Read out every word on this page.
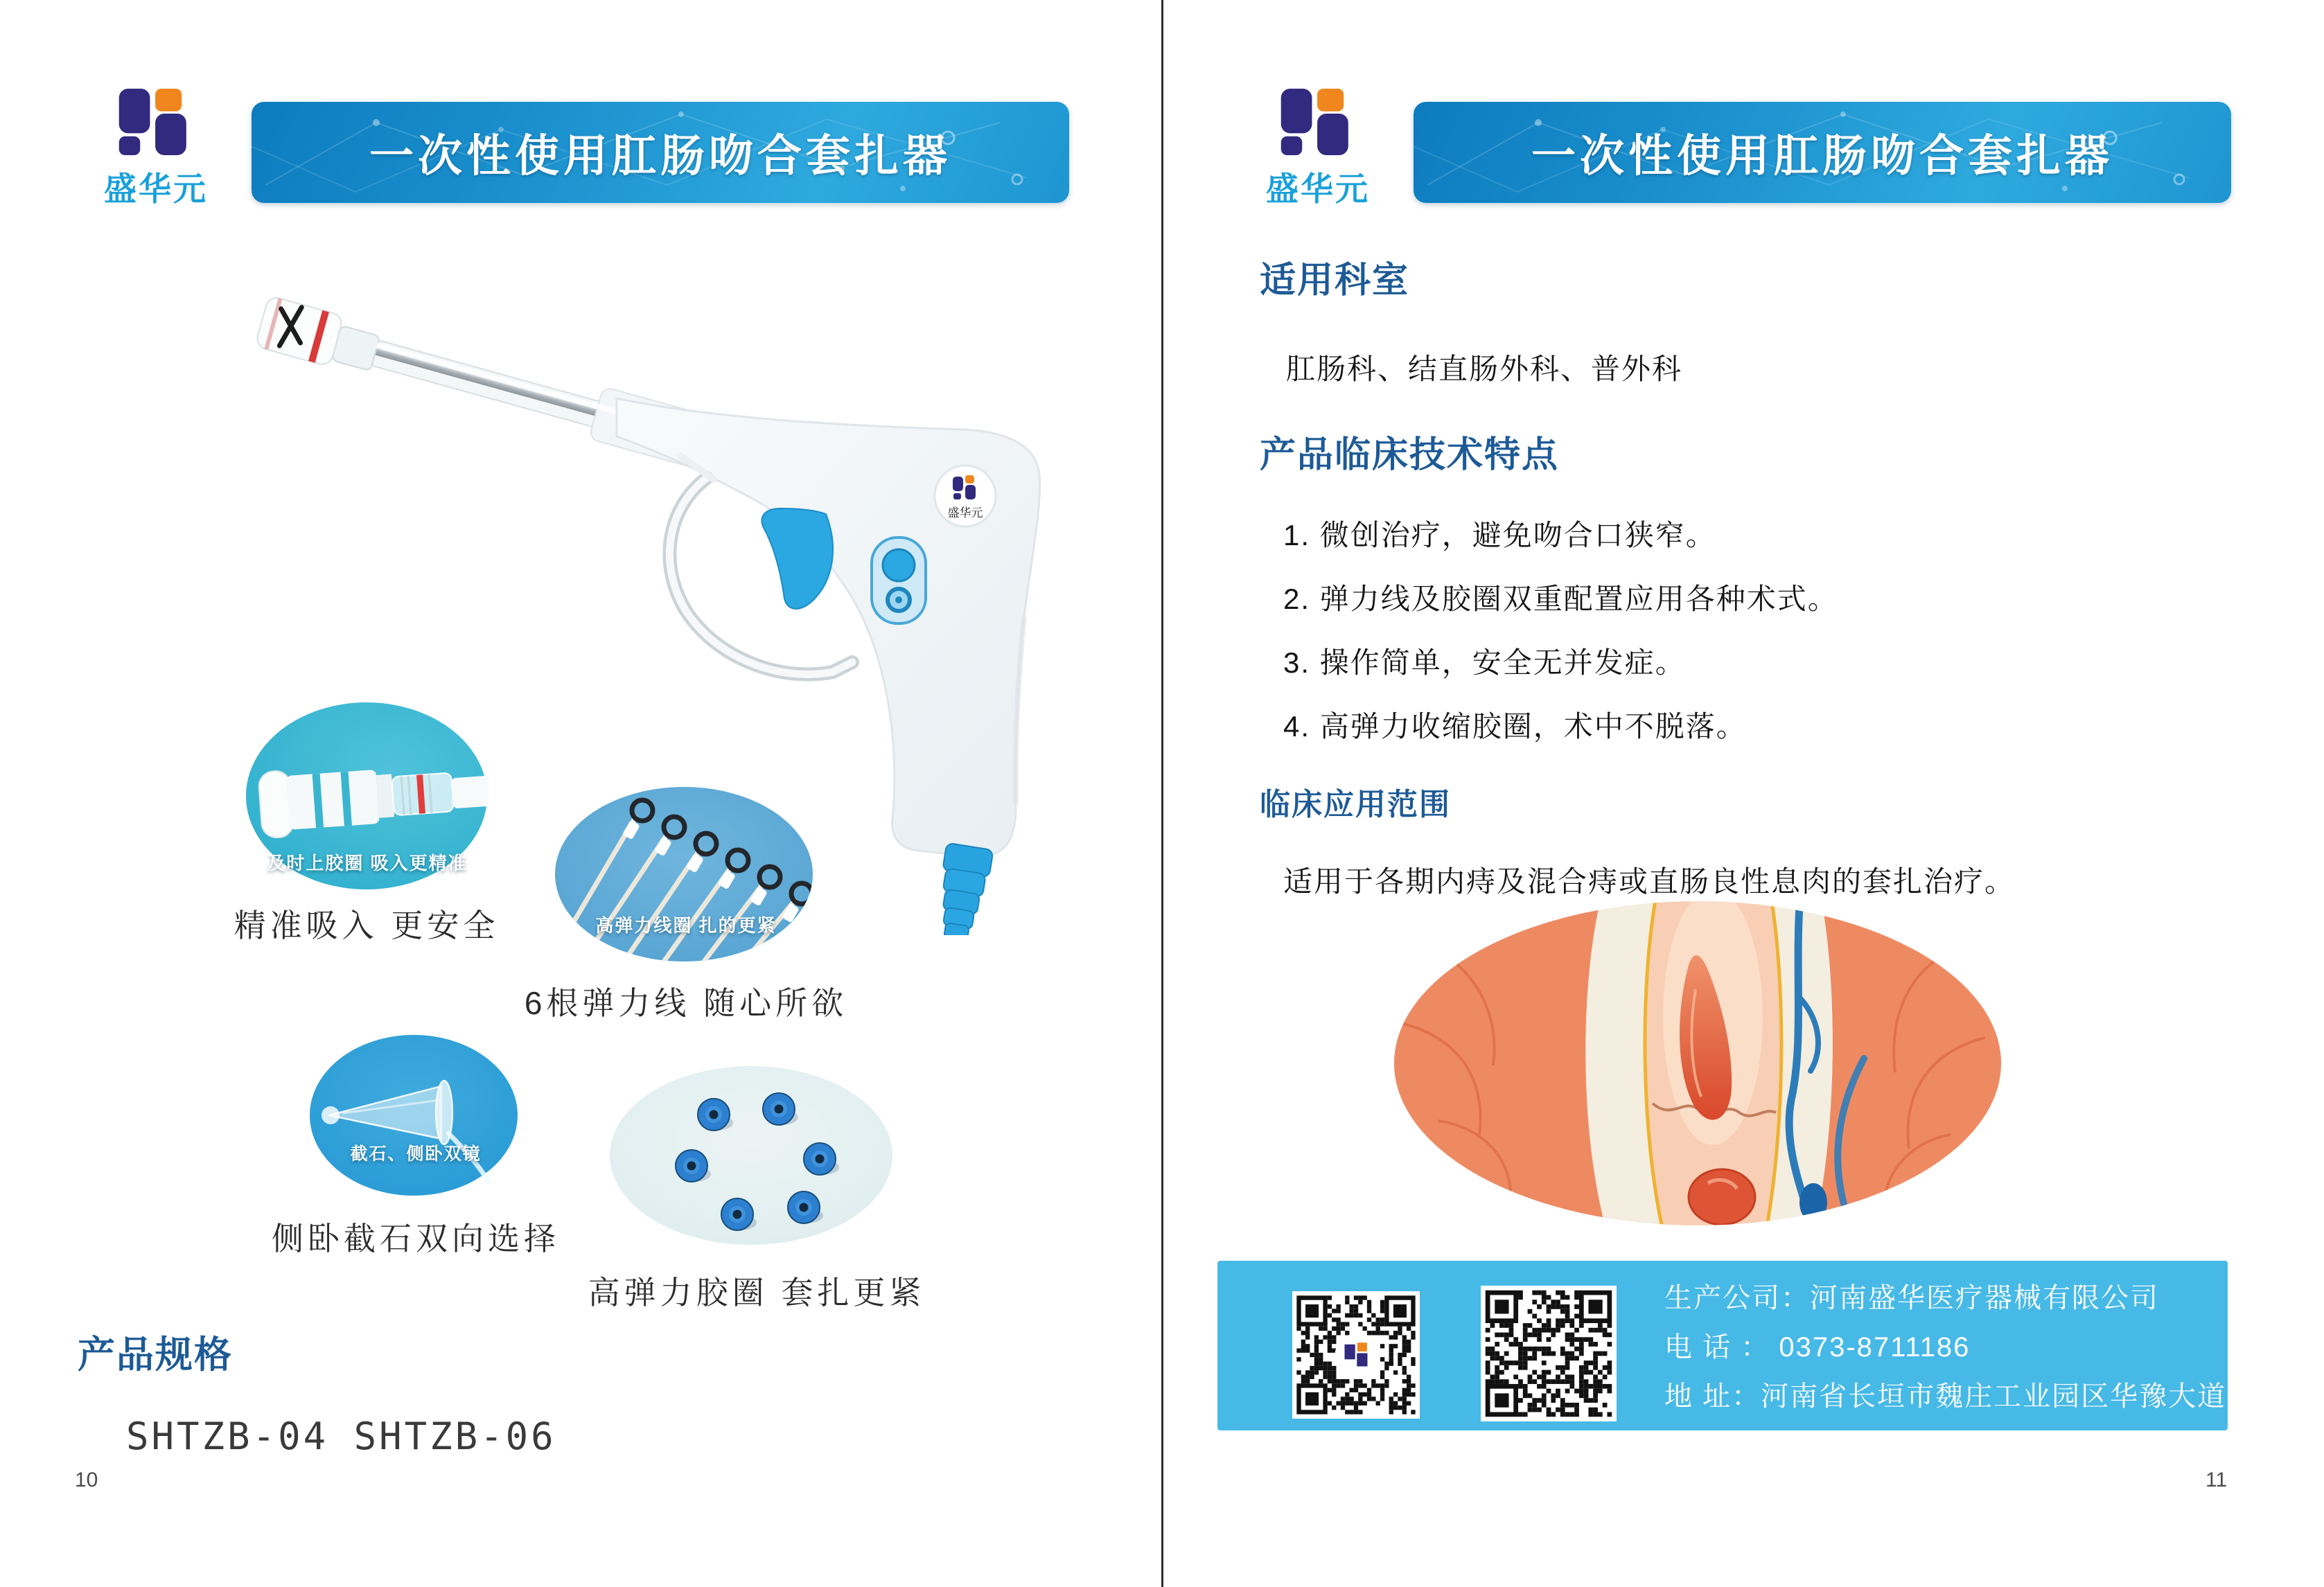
盛华元
一次性使用肛肠吻合套扎器
盛华元
及时上胶圈 吸入更精准
精准吸入 更安全	高弹力线圈 扎的更紧
6根弹力线 随心所欲
截石、侧卧双镜
侧卧截石双向选择
高弹力胶圈 套扎更紧
产品规格
SHTZB-04 SHTZB-06
10
盛华元
一次性使用肛肠吻合套扎器
适用科室
肛肠科、结直肠外科、普外科
产品临床技术特点
1. 微创治疗，避免吻合口狭窄。
2. 弹力线及胶圈双重配置应用各种术式。
3. 操作简单，安全无并发症。
4. 高弹力收缩胶圈，术中不脱落。
临床应用范围
适用于各期内痔及混合痔或直肠良性息肉的套扎治疗。
生产公司：河南盛华医疗器械有限公司
电 话 ： 0373-8711186
地 址：河南省长垣市魏庄工业园区华豫大道西侧
11
